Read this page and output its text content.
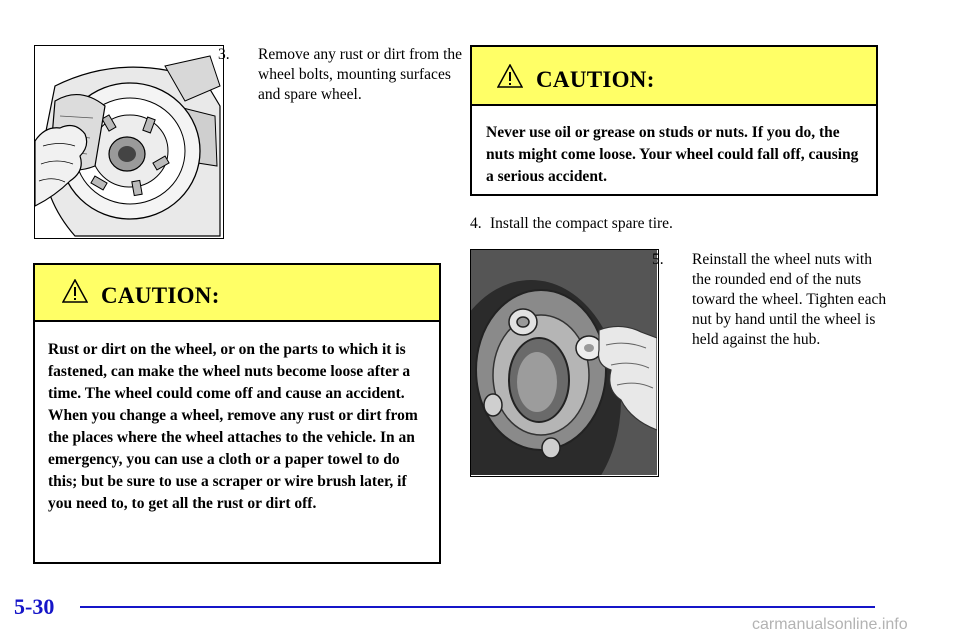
3. Remove any rust or dirt from the wheel bolts, mounting surfaces and spare wheel.
CAUTION:
Rust or dirt on the wheel, or on the parts to which it is fastened, can make the wheel nuts become loose after a time. The wheel could come off and cause an accident. When you change a wheel, remove any rust or dirt from the places where the wheel attaches to the vehicle. In an emergency, you can use a cloth or a paper towel to do this; but be sure to use a scraper or wire brush later, if you need to, to get all the rust or dirt off.
CAUTION:
Never use oil or grease on studs or nuts. If you do, the nuts might come loose. Your wheel could fall off, causing a serious accident.
4. Install the compact spare tire.
5. Reinstall the wheel nuts with the rounded end of the nuts toward the wheel. Tighten each nut by hand until the wheel is held against the hub.
5-30
carmanualsonline.info
